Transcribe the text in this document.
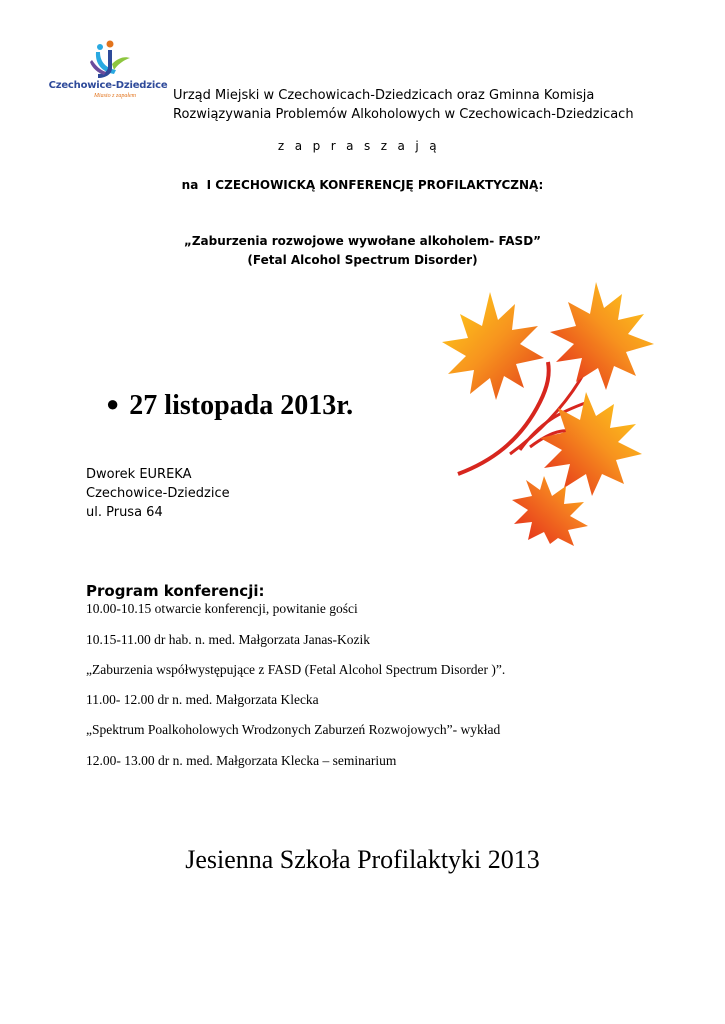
Czechowice-Dziedzice
Miasto z zapałem	Urząd Miejski w Czechowicach-Dziedzicach oraz Gminna Komisja
Rozwiązywania Problemów Alkoholowych w Czechowicach-Dziedzicach
zapraszają
na  I CZECHOWICKĄ KONFERENCJĘ PROFILAKTYCZNĄ:
„Zaburzenia rozwojowe wywołane alkoholem- FASD”
(Fetal Alcohol Spectrum Disorder)
● 27 listopada 2013r.
Dworek EUREKA
Czechowice-Dziedzice
ul. Prusa 64
Program konferencji:
10.00-10.15 otwarcie konferencji, powitanie gości
10.15-11.00 dr hab. n. med. Małgorzata Janas-Kozik
„Zaburzenia współwystępujące z FASD (Fetal Alcohol Spectrum Disorder )”.
11.00- 12.00 dr n. med. Małgorzata Klecka
„Spektrum Poalkoholowych Wrodzonych Zaburzeń Rozwojowych”- wykład
12.00- 13.00 dr n. med. Małgorzata Klecka – seminarium
Jesienna Szkoła Profilaktyki 2013
